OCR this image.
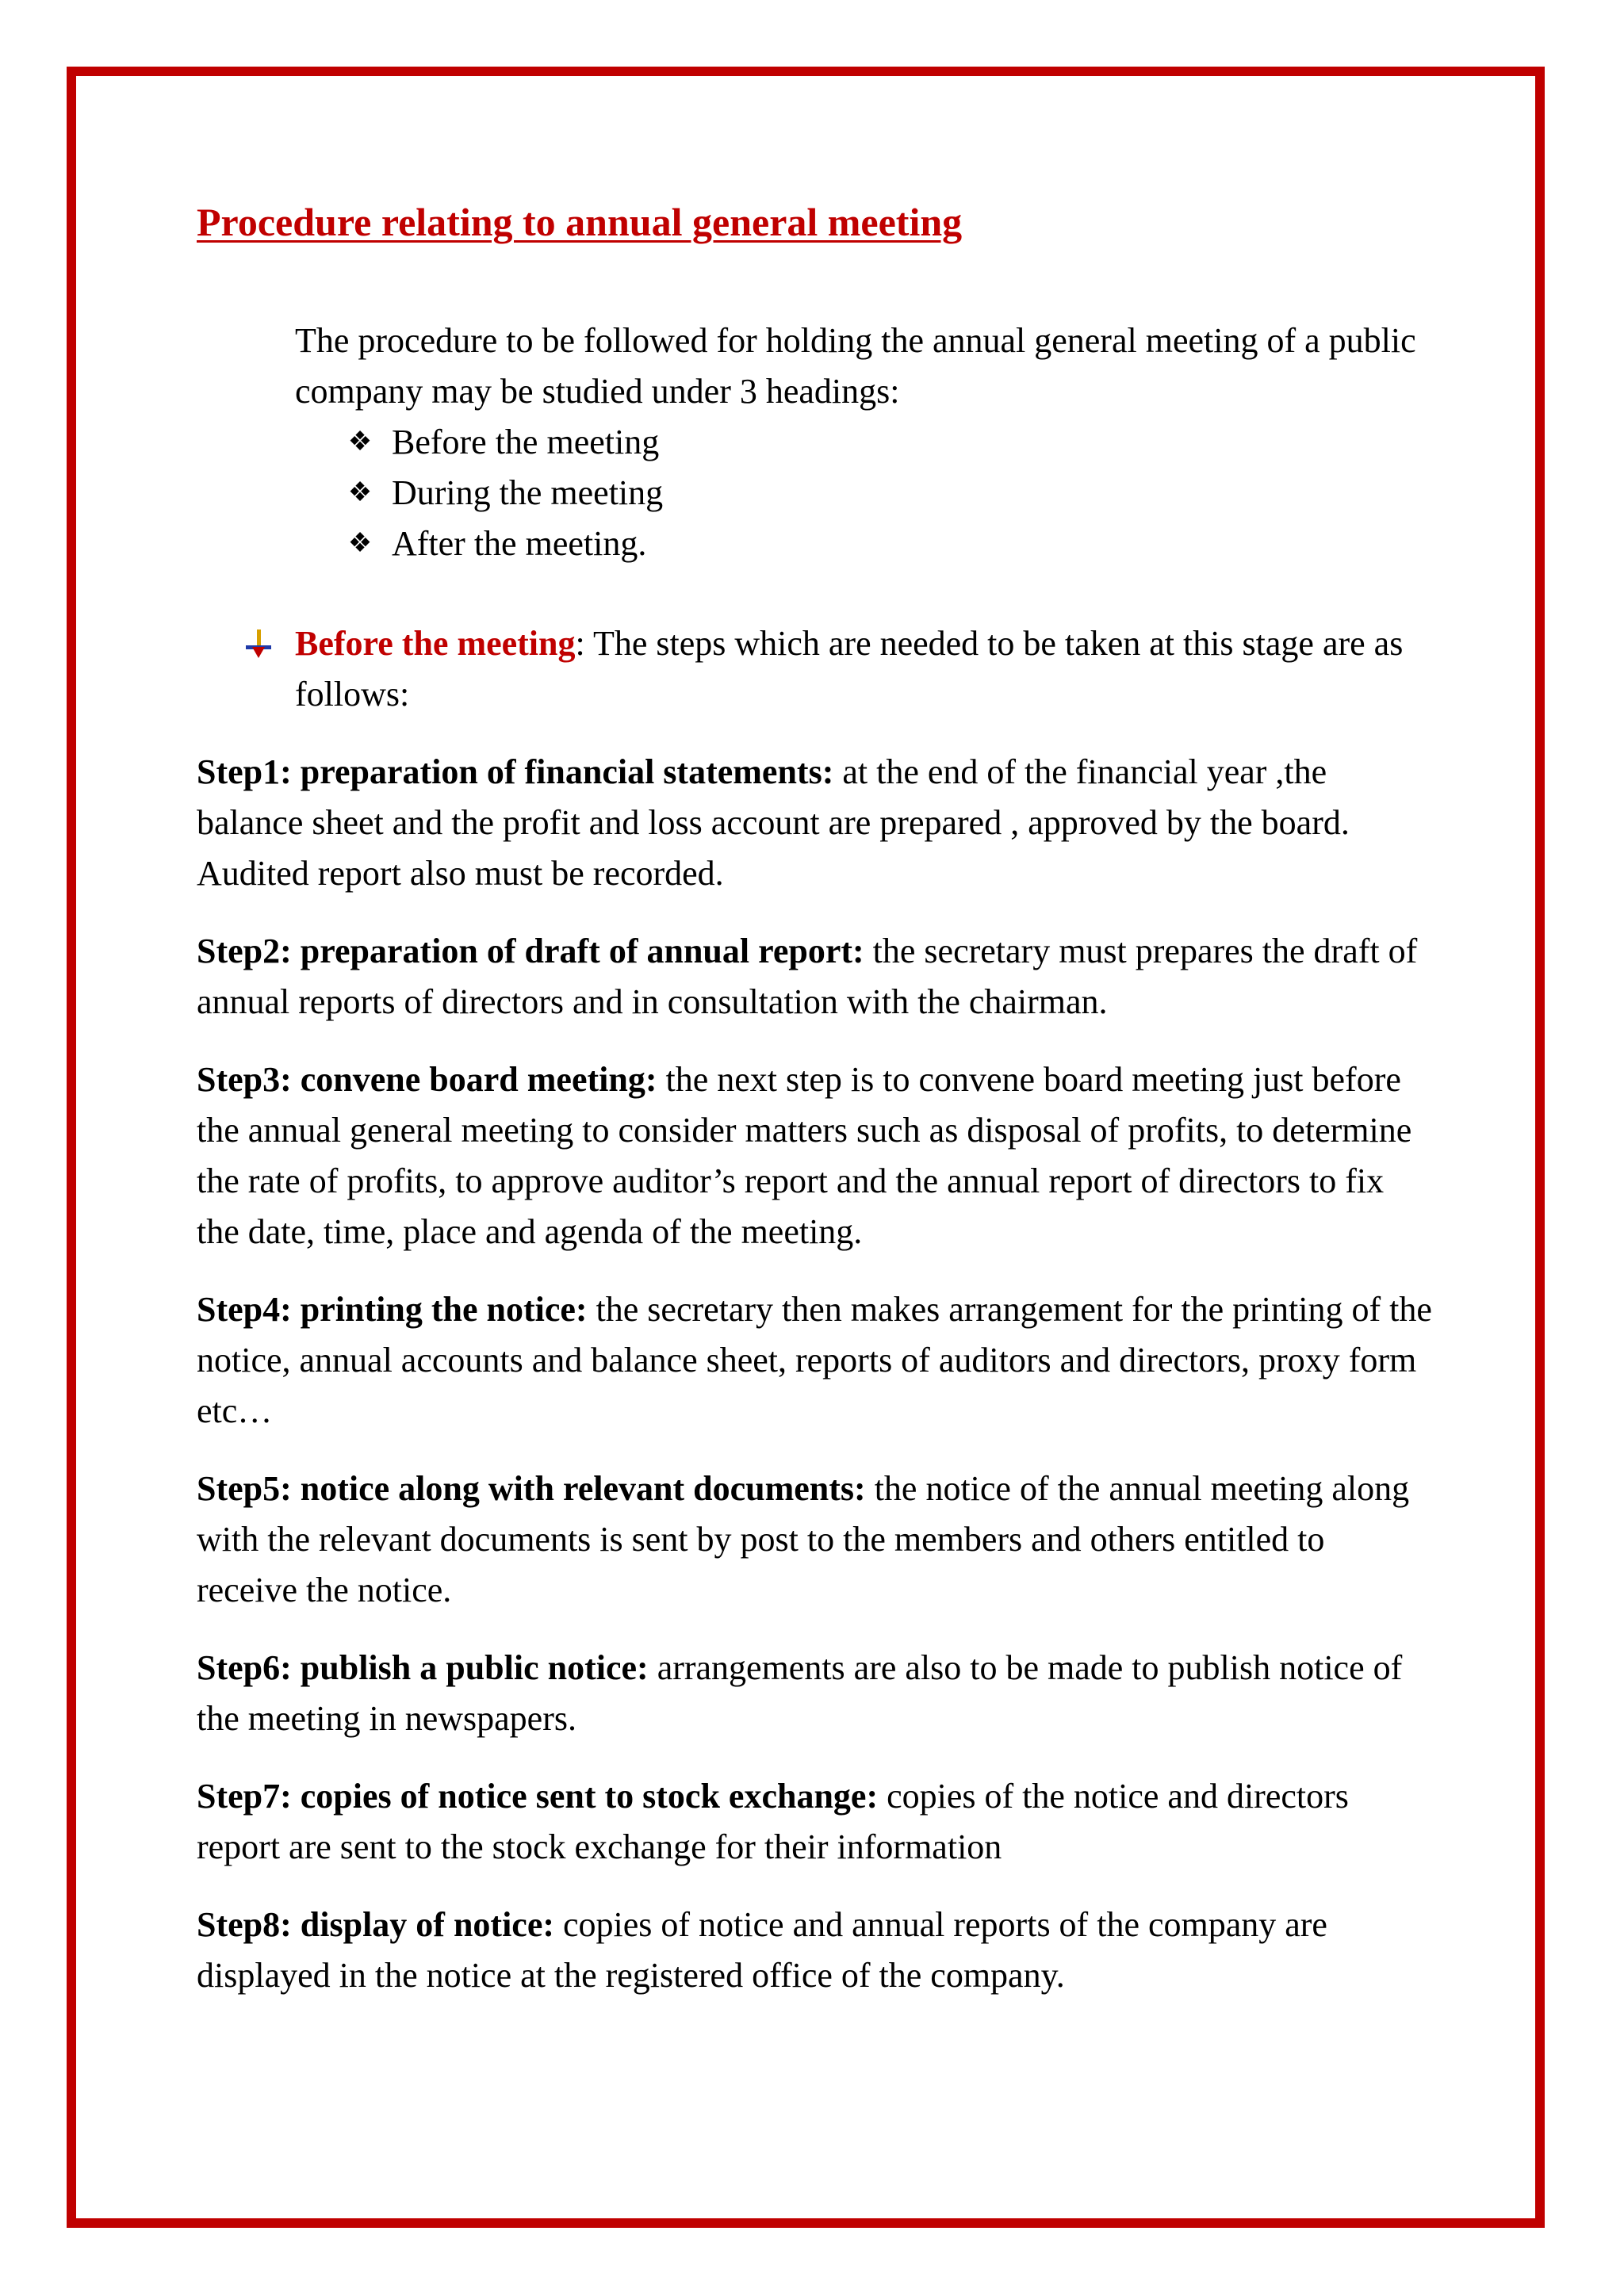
Procedure relating to annual general meeting
The procedure to be followed for holding the annual general meeting of a public company may be studied under 3 headings:
❖ Before the meeting
❖ During the meeting
❖ After the meeting.
Before the meeting: The steps which are needed to be taken at this stage are as follows:

Step1: preparation of financial statements: at the end of the financial year ,the balance sheet and the profit and loss account are prepared , approved by the board. Audited report also must be recorded.

Step2: preparation of draft of annual report: the secretary must prepares the draft of annual reports of directors and in consultation with the chairman.

Step3: convene board meeting: the next step is to convene board meeting just before the annual general meeting to consider matters such as disposal of profits, to determine the rate of profits, to approve auditor’s report and the annual report of directors to fix the date, time, place and agenda of the meeting.

Step4: printing the notice: the secretary then makes arrangement for the printing of the notice, annual accounts and balance sheet, reports of auditors and directors, proxy form etc…

Step5: notice along with relevant documents: the notice of the annual meeting along with the relevant documents is sent by post to the members and others entitled to receive the notice.

Step6: publish a public notice: arrangements are also to be made to publish notice of the meeting in newspapers.

Step7: copies of notice sent to stock exchange: copies of the notice and directors report are sent to the stock exchange for their information

Step8: display of notice: copies of notice and annual reports of the company are displayed in the notice at the registered office of the company.
